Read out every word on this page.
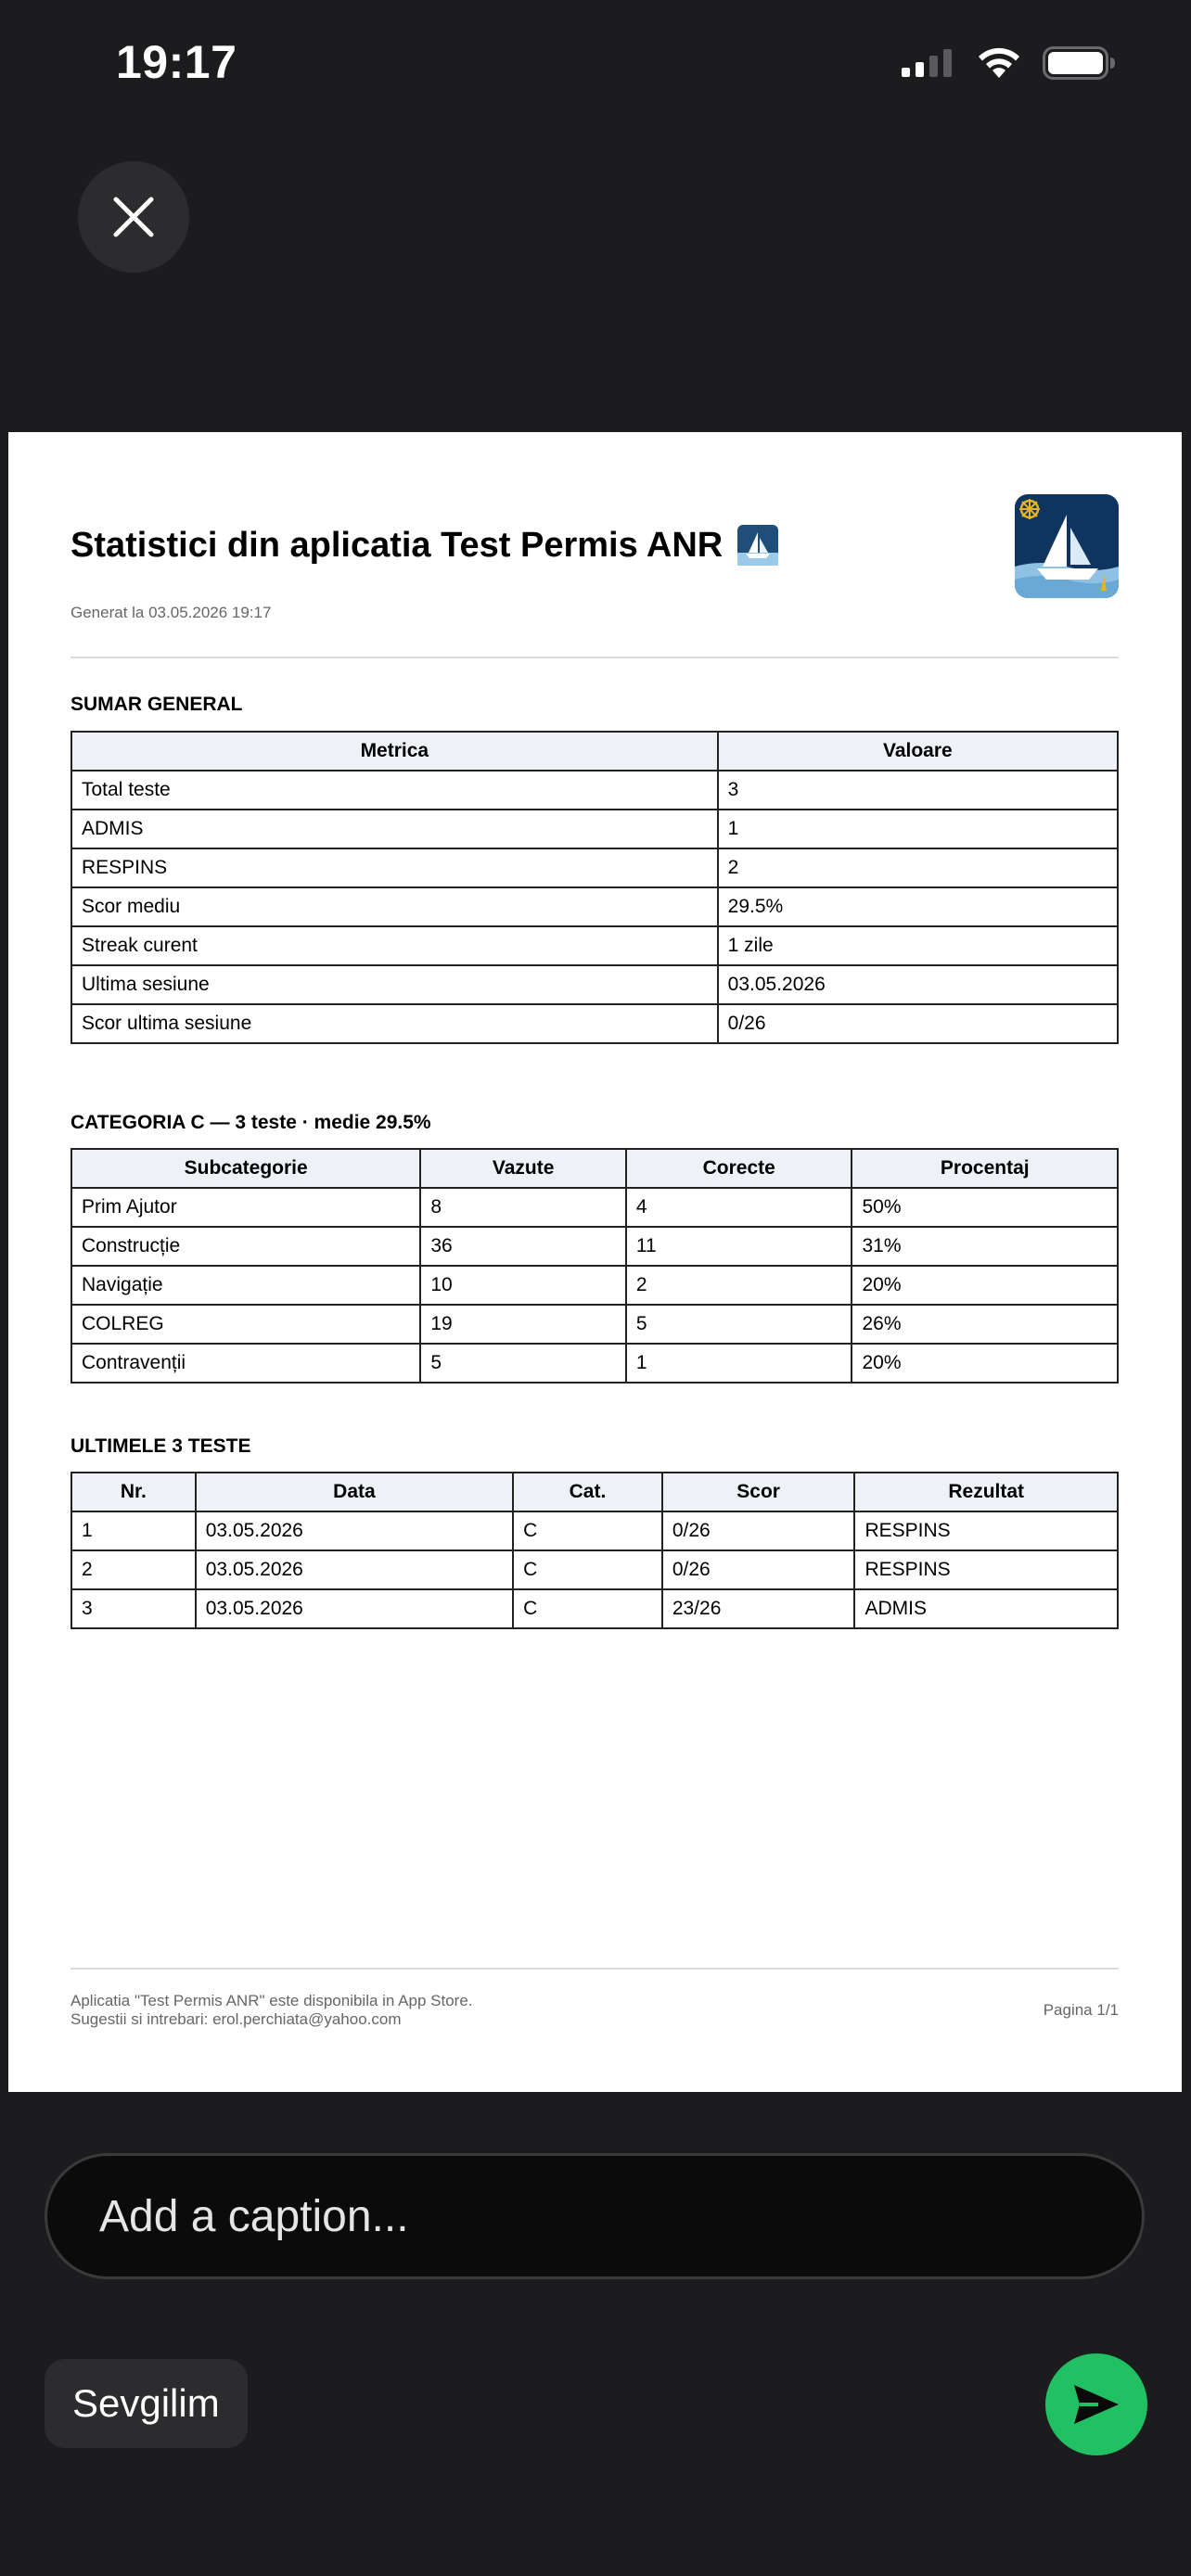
19:17
Statistici din aplicatia Test Permis ANR
Generat la 03.05.2026 19:17
SUMAR GENERAL
Metrica	Valoare
Total teste	3
ADMIS	1
RESPINS	2
Scor mediu	29.5%
Streak curent	1 zile
Ultima sesiune	03.05.2026
Scor ultima sesiune	0/26
CATEGORIA C — 3 teste · medie 29.5%
Subcategorie	Vazute	Corecte	Procentaj
Prim Ajutor	8	4	50%
Construcție	36	11	31%
Navigație	10	2	20%
COLREG	19	5	26%
Contravenții	5	1	20%
ULTIMELE 3 TESTE
Nr.	Data	Cat.	Scor	Rezultat
1	03.05.2026	C	0/26	RESPINS
2	03.05.2026	C	0/26	RESPINS
3	03.05.2026	C	23/26	ADMIS
Aplicatia "Test Permis ANR" este disponibila in App Store.
Sugestii si intrebari: erol.perchiata@yahoo.com
Pagina 1/1
Add a caption...
Sevgilim
